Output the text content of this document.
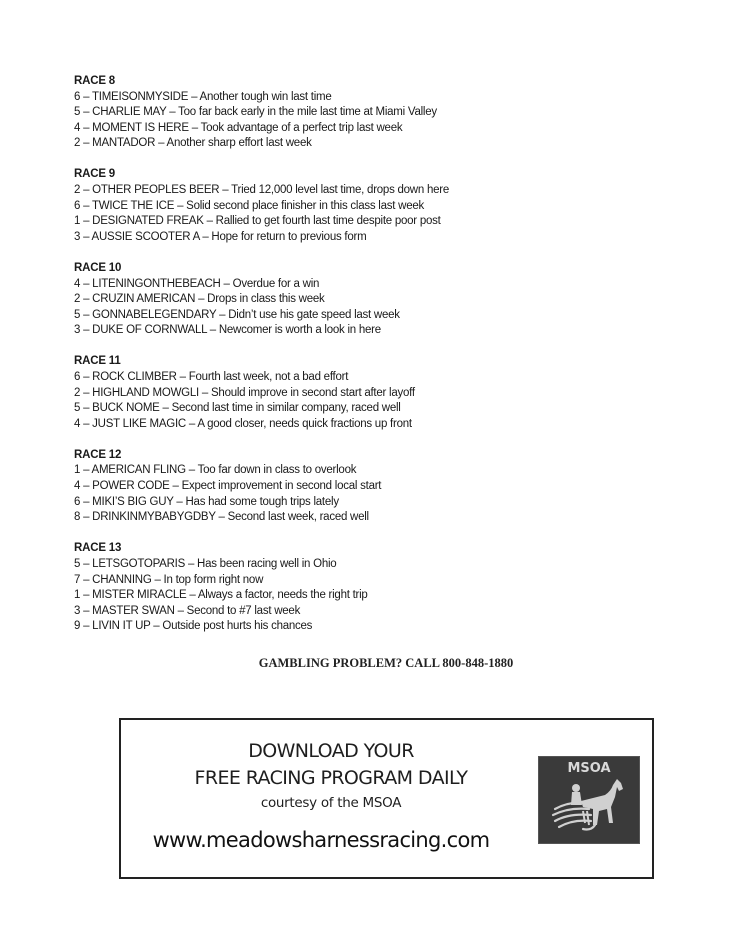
RACE 8
6 – TIMEISONMYSIDE – Another tough win last time
5 – CHARLIE MAY – Too far back early in the mile last time at Miami Valley
4 – MOMENT IS HERE – Took advantage of a perfect trip last week
2 – MANTADOR – Another sharp effort last week
RACE 9
2 – OTHER PEOPLES BEER – Tried 12,000 level last time, drops down here
6 – TWICE THE ICE – Solid second place finisher in this class last week
1 – DESIGNATED FREAK – Rallied to get fourth last time despite poor post
3 – AUSSIE SCOOTER A – Hope for return to previous form
RACE 10
4 – LITENINGONTHEBEACH – Overdue for a win
2 – CRUZIN AMERICAN – Drops in class this week
5 – GONNABELEGENDARY – Didn’t use his gate speed last week
3 – DUKE OF CORNWALL – Newcomer is worth a look in here
RACE 11
6 – ROCK CLIMBER – Fourth last week, not a bad effort
2 – HIGHLAND MOWGLI – Should improve in second start after layoff
5 – BUCK NOME – Second last time in similar company, raced well
4 – JUST LIKE MAGIC – A good closer, needs quick fractions up front
RACE 12
1 – AMERICAN FLING – Too far down in class to overlook
4 – POWER CODE – Expect improvement in second local start
6 – MIKI’S BIG GUY – Has had some tough trips lately
8 – DRINKINMYBABYGDBY – Second last week, raced well
RACE 13
5 – LETSGOTOPARIS – Has been racing well in Ohio
7 – CHANNING – In top form right now
1 – MISTER MIRACLE – Always a factor, needs the right trip
3 – MASTER SWAN – Second to #7 last week
9 – LIVIN IT UP – Outside post hurts his chances
GAMBLING PROBLEM? CALL 800-848-1880
DOWNLOAD YOUR
FREE RACING PROGRAM DAILY
courtesy of the MSOA
www.meadowsharnessracing.com
MSOA
